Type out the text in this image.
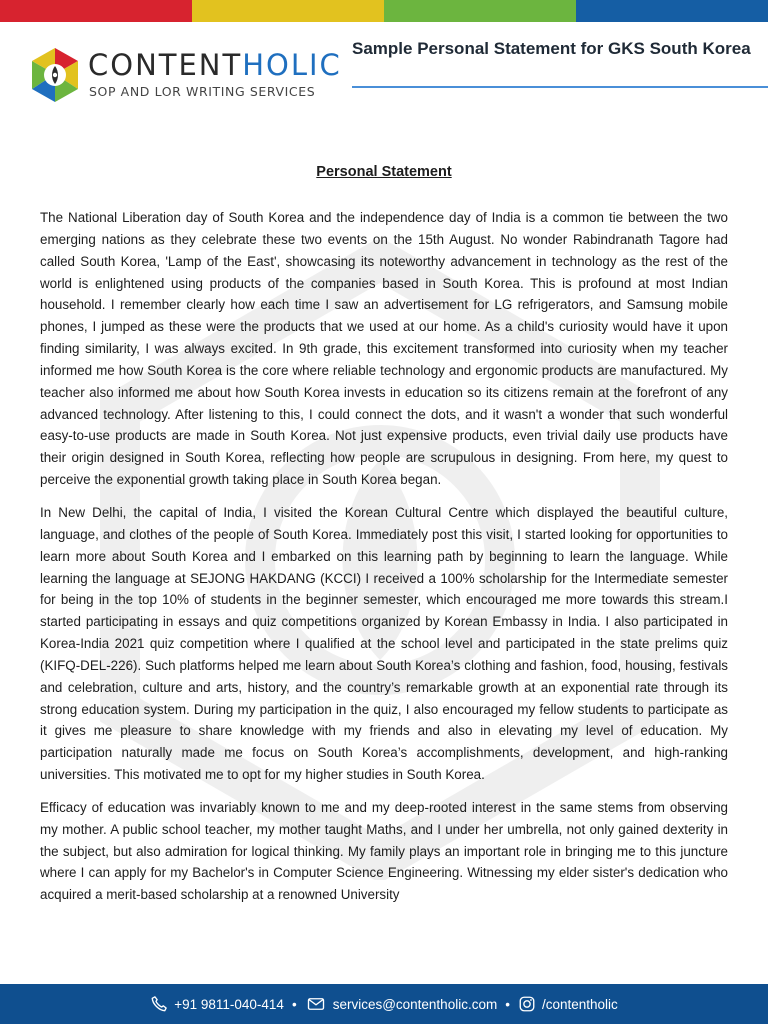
CONTENTHOLIC
SOP AND LOR WRITING SERVICES
Sample Personal Statement for GKS South Korea
Personal Statement

The National Liberation day of South Korea and the independence day of India is a common tie between the two emerging nations as they celebrate these two events on the 15th August. No wonder Rabindranath Tagore had called South Korea, 'Lamp of the East', showcasing its noteworthy advancement in technology as the rest of the world is enlightened using products of the companies based in South Korea. This is profound at most Indian household. I remember clearly how each time I saw an advertisement for LG refrigerators, and Samsung mobile phones, I jumped as these were the products that we used at our home. As a child's curiosity would have it upon finding similarity, I was always excited. In 9th grade, this excitement transformed into curiosity when my teacher informed me how South Korea is the core where reliable technology and ergonomic products are manufactured. My teacher also informed me about how South Korea invests in education so its citizens remain at the forefront of any advanced technology. After listening to this, I could connect the dots, and it wasn't a wonder that such wonderful easy-to-use products are made in South Korea. Not just expensive products, even trivial daily use products have their origin designed in South Korea, reflecting how people are scrupulous in designing. From here, my quest to perceive the exponential growth taking place in South Korea began.

In New Delhi, the capital of India, I visited the Korean Cultural Centre which displayed the beautiful culture, language, and clothes of the people of South Korea. Immediately post this visit, I started looking for opportunities to learn more about South Korea and I embarked on this learning path by beginning to learn the language. While learning the language at SEJONG HAKDANG (KCCI) I received a 100% scholarship for the Intermediate semester for being in the top 10% of students in the beginner semester, which encouraged me more towards this stream.I started participating in essays and quiz competitions organized by Korean Embassy in India. I also participated in Korea-India 2021 quiz competition where I qualified at the school level and participated in the state prelims quiz (KIFQ-DEL-226). Such platforms helped me learn about South Korea’s clothing and fashion, food, housing, festivals and celebration, culture and arts, history, and the country’s remarkable growth at an exponential rate through its strong education system. During my participation in the quiz, I also encouraged my fellow students to participate as it gives me pleasure to share knowledge with my friends and also in elevating my level of education. My participation naturally made me focus on South Korea’s accomplishments, development, and high-ranking universities. This motivated me to opt for my higher studies in South Korea.

Efficacy of education was invariably known to me and my deep-rooted interest in the same stems from observing my mother. A public school teacher, my mother taught Maths, and I under her umbrella, not only gained dexterity in the subject, but also admiration for logical thinking. My family plays an important role in bringing me to this juncture where I can apply for my Bachelor's in Computer Science Engineering. Witnessing my elder sister's dedication who acquired a merit-based scholarship at a renowned University

+91 9811-040-414 •	services@contentholic.com • /contentholic
